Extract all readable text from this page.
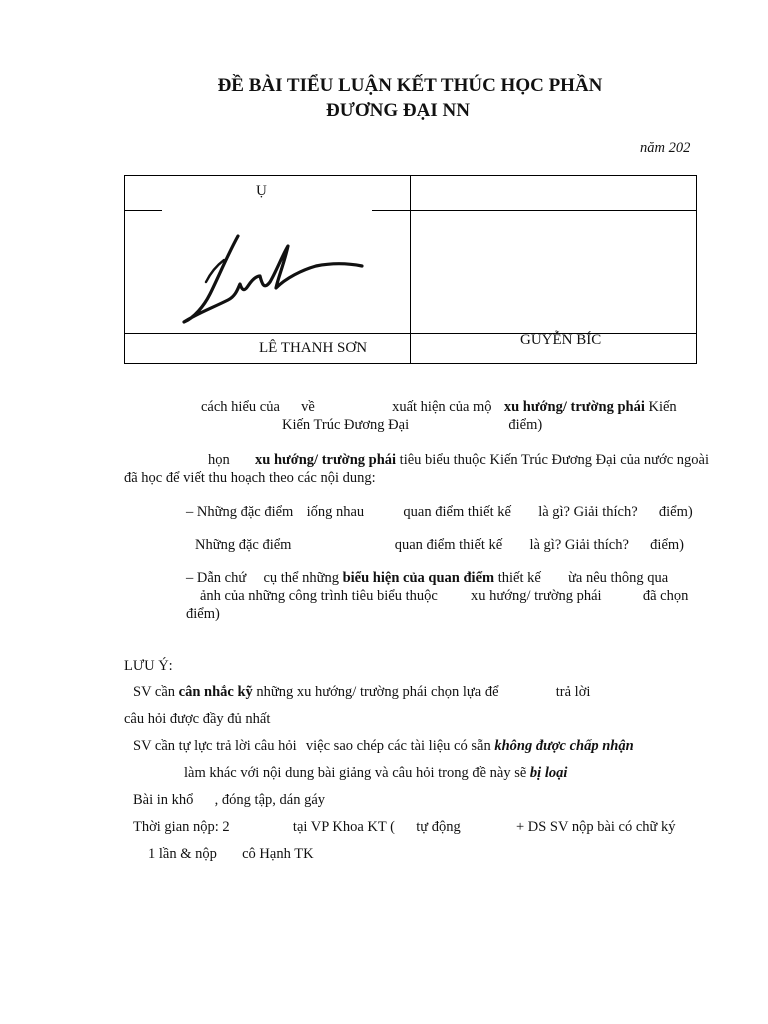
ĐỀ BÀI TIỂU LUẬN KẾT THÚC HỌC PHẦN
ĐƯƠNG ĐẠI NN
năm 202
Ụ
LÊ THANH SƠN	GUYỄN BÍC
cách hiểu của về	xuất hiện của mộ xu hướng/ trường phái Kiến
Kiến Trúc Đương Đại	điểm)
họn xu hướng/ trường phái tiêu biểu thuộc Kiến Trúc Đương Đại của nước ngoài
đã học để viết thu hoạch theo các nội dung:
– Những đặc điểm iống nhau	quan điểm thiết kế là gì? Giải thích? điểm)
Những đặc điểm	quan điểm thiết kế là gì? Giải thích? điểm)
– Dẫn chứ cụ thể những biểu hiện của quan điểm thiết kế ừa nêu thông qua
ảnh của những công trình tiêu biểu thuộc xu hướng/ trường phái	đã chọn
điểm)
LƯU Ý:
SV cần cân nhắc kỹ những xu hướng/ trường phái chọn lựa để	trả lời
câu hỏi được đầy đủ nhất
SV cần tự lực trả lời câu hỏi việc sao chép các tài liệu có sẵn không được chấp nhận
làm khác với nội dung bài giảng và câu hỏi trong đề này sẽ bị loại
Bài in khổ , đóng tập, dán gáy
Thời gian nộp: 2	tại VP Khoa KT ( tự động	+ DS SV nộp bài có chữ ký
1 lần & nộp cô Hạnh TK
